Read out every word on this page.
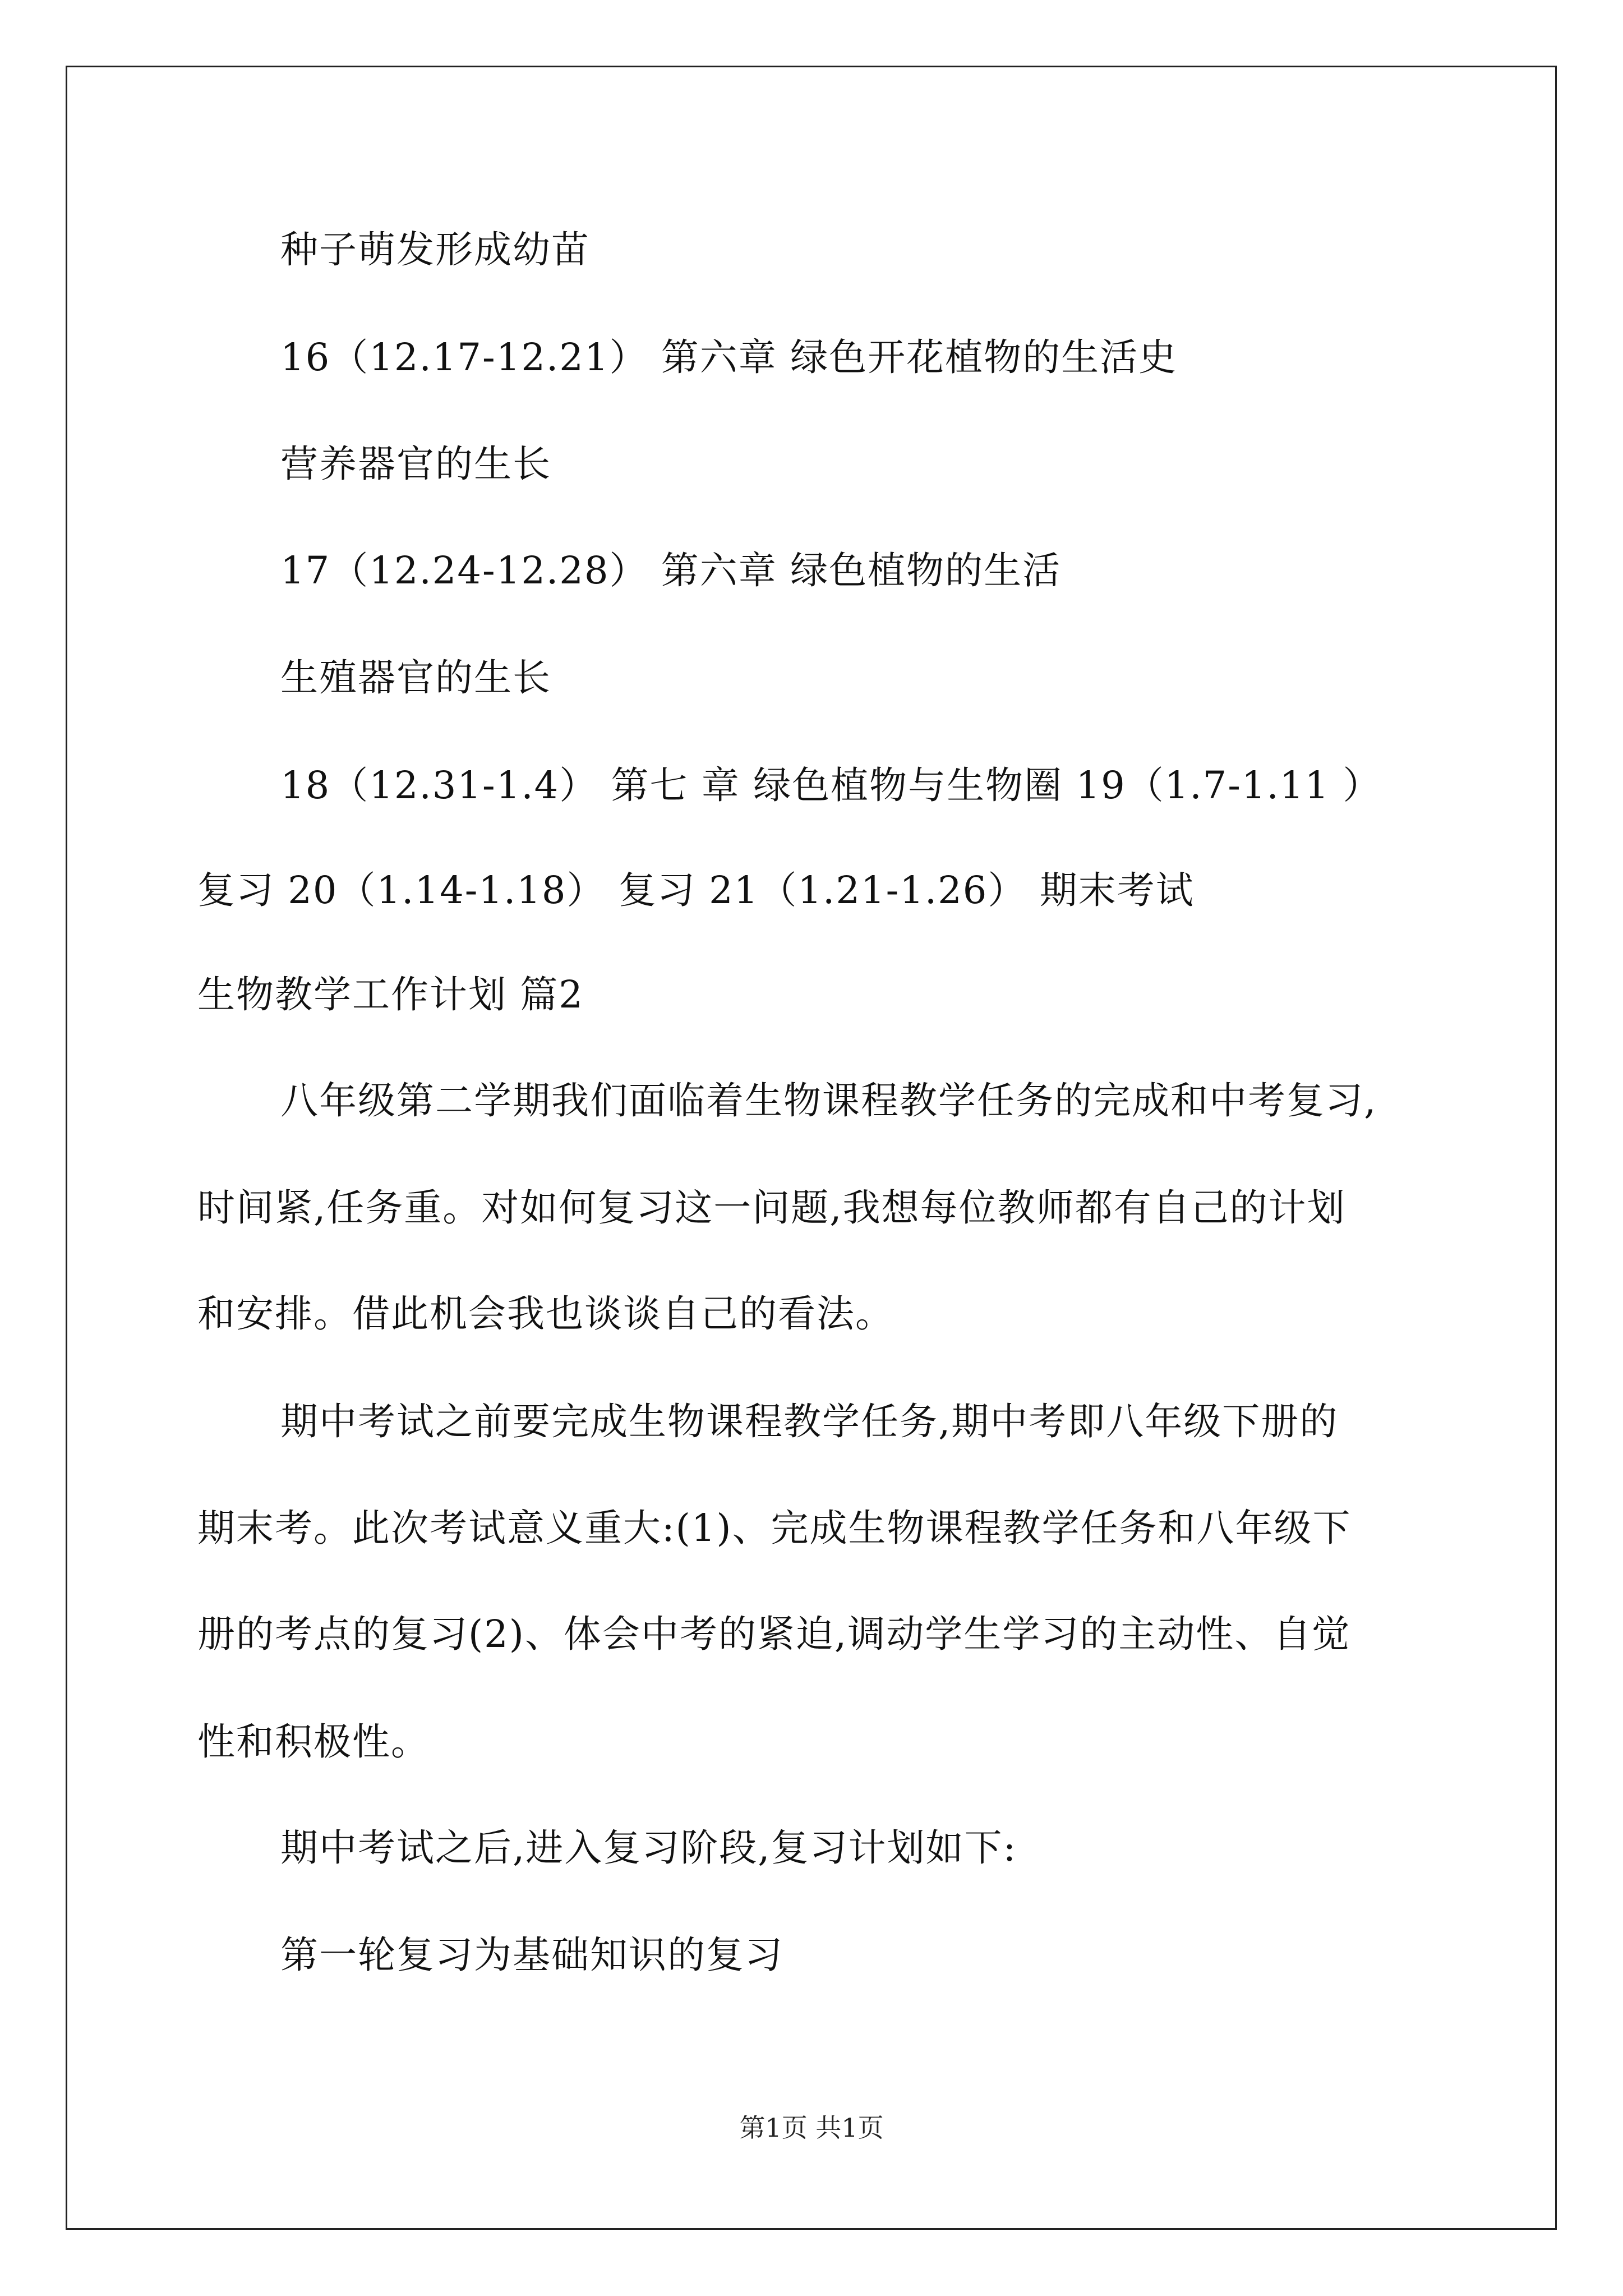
种子萌发形成幼苗
16（12.17-12.21） 第六章 绿色开花植物的生活史
营养器官的生长
17（12.24-12.28） 第六章 绿色植物的生活
生殖器官的生长
18（12.31-1.4） 第七 章 绿色植物与生物圈 19（1.7-1.11 ）
复习 20（1.14-1.18） 复习 21（1.21-1.26） 期末考试
生物教学工作计划 篇2
八年级第二学期我们面临着生物课程教学任务的完成和中考复习,
时间紧,任务重。对如何复习这一问题,我想每位教师都有自己的计划
和安排。借此机会我也谈谈自己的看法。
期中考试之前要完成生物课程教学任务,期中考即八年级下册的
期末考。此次考试意义重大:(1)、完成生物课程教学任务和八年级下
册的考点的复习(2)、体会中考的紧迫,调动学生学习的主动性、自觉
性和积极性。
期中考试之后,进入复习阶段,复习计划如下:
第一轮复习为基础知识的复习
第1页 共1页
